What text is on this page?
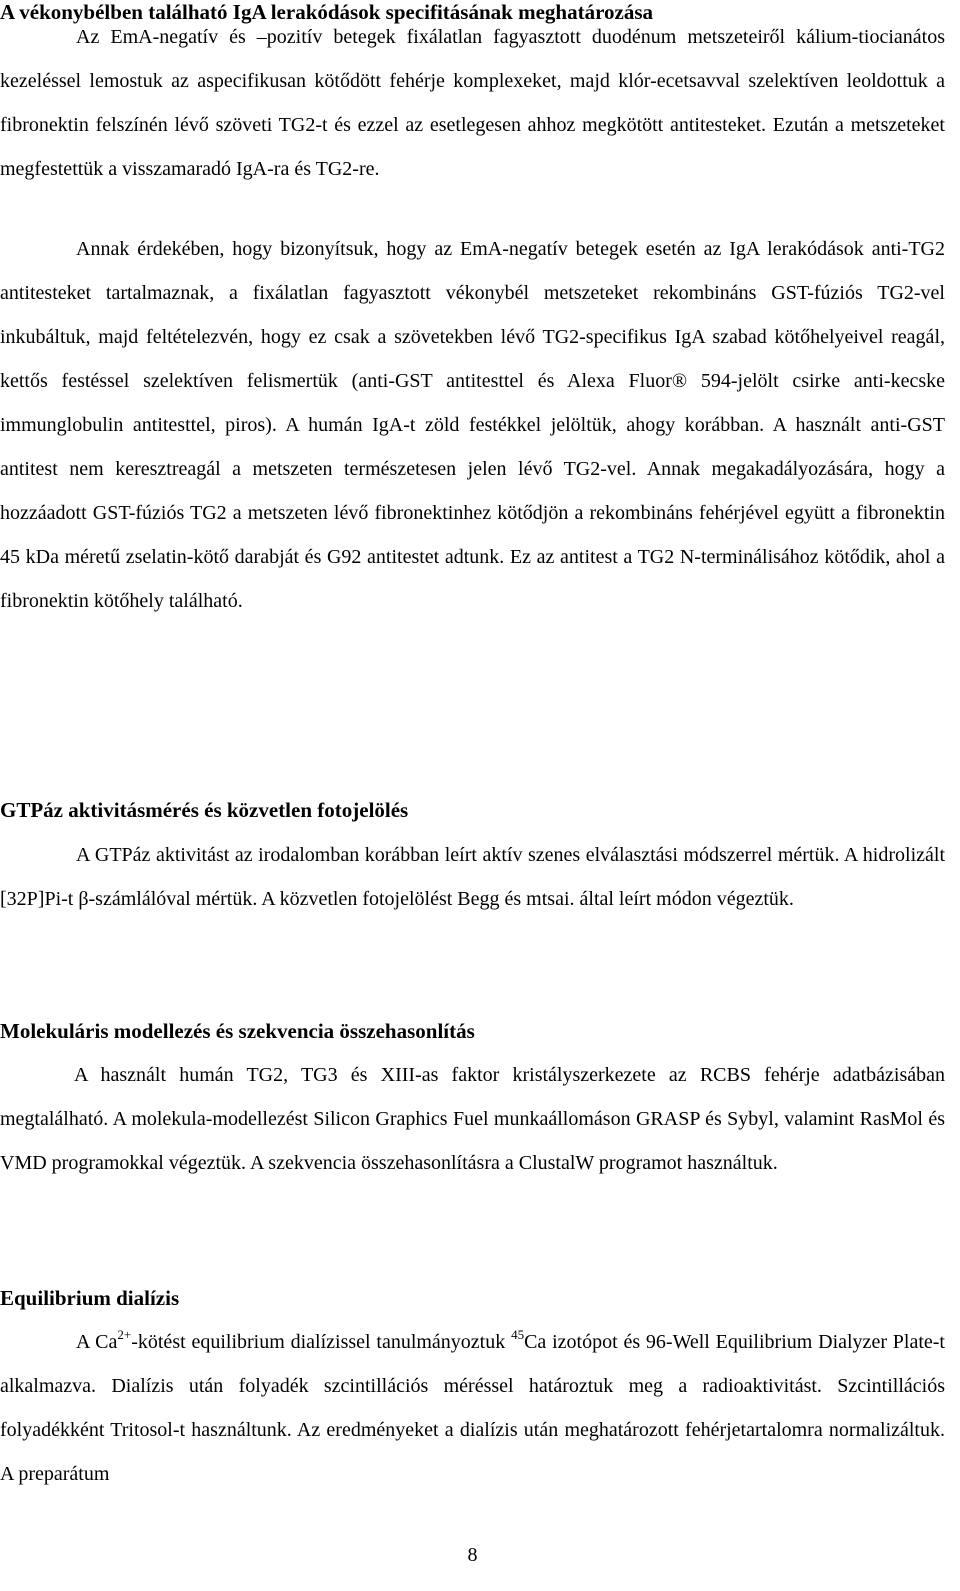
A vékonybélben található IgA lerakódások specifitásának meghatározása

Az EmA-negatív és –pozitív betegek fixálatlan fagyasztott duodénum metszeteiről kálium-tiocianátos kezeléssel lemostuk az aspecifikusan kötődött fehérje komplexeket, majd klór-ecetsavval szelektíven leoldottuk a fibronektin felszínén lévő szöveti TG2-t és ezzel az esetlegesen ahhoz megkötött antitesteket. Ezután a metszeteket megfestettük a visszamaradó IgA-ra és TG2-re.

Annak érdekében, hogy bizonyítsuk, hogy az EmA-negatív betegek esetén az IgA lerakódások anti-TG2 antitesteket tartalmaznak, a fixálatlan fagyasztott vékonybél metszeteket rekombináns GST-fúziós TG2-vel inkubáltuk, majd feltételezvén, hogy ez csak a szövetekben lévő TG2-specifikus IgA szabad kötőhelyeivel reagál, kettős festéssel szelektíven felismertük (anti-GST antitesttel és Alexa Fluor® 594-jelölt csirke anti-kecske immunglobulin antitesttel, piros). A humán IgA-t zöld festékkel jelöltük, ahogy korábban. A használt anti-GST antitest nem keresztreagál a metszeten természetesen jelen lévő TG2-vel. Annak megakadályozására, hogy a hozzáadott GST-fúziós TG2 a metszeten lévő fibronektinhez kötődjön a rekombináns fehérjével együtt a fibronektin 45 kDa méretű zselatin-kötő darabját és G92 antitestet adtunk. Ez az antitest a TG2 N-terminálisához kötődik, ahol a fibronektin kötőhely található.

GTPáz aktivitásmérés és közvetlen fotojelölés

A GTPáz aktivitást az irodalomban korábban leírt aktív szenes elválasztási módszerrel mértük. A hidrolizált [32P]Pi-t β-számlálóval mértük. A közvetlen fotojelölést Begg és mtsai. által leírt módon végeztük.

Molekuláris modellezés és szekvencia összehasonlítás

A használt humán TG2, TG3 és XIII-as faktor kristályszerkezete az RCBS fehérje adatbázisában megtalálható. A molekula-modellezést Silicon Graphics Fuel munkaállomáson GRASP és Sybyl, valamint RasMol és VMD programokkal végeztük. A szekvencia összehasonlításra a ClustalW programot használtuk.

Equilibrium dialízis

A $Ca^{2+}$-kötést equilibrium dialízissel tanulmányoztuk $^{45}$Ca izotópot és 96-Well Equilibrium Dialyzer Plate-t alkalmazva. Dialízis után folyadék szcintillációs méréssel határoztuk meg a radioaktivitást. Szcintillációs folyadékként Tritosol-t használtunk. Az eredményeket a dialízis után meghatározott fehérjetartalomra normalizáltuk. A preparátum

8
